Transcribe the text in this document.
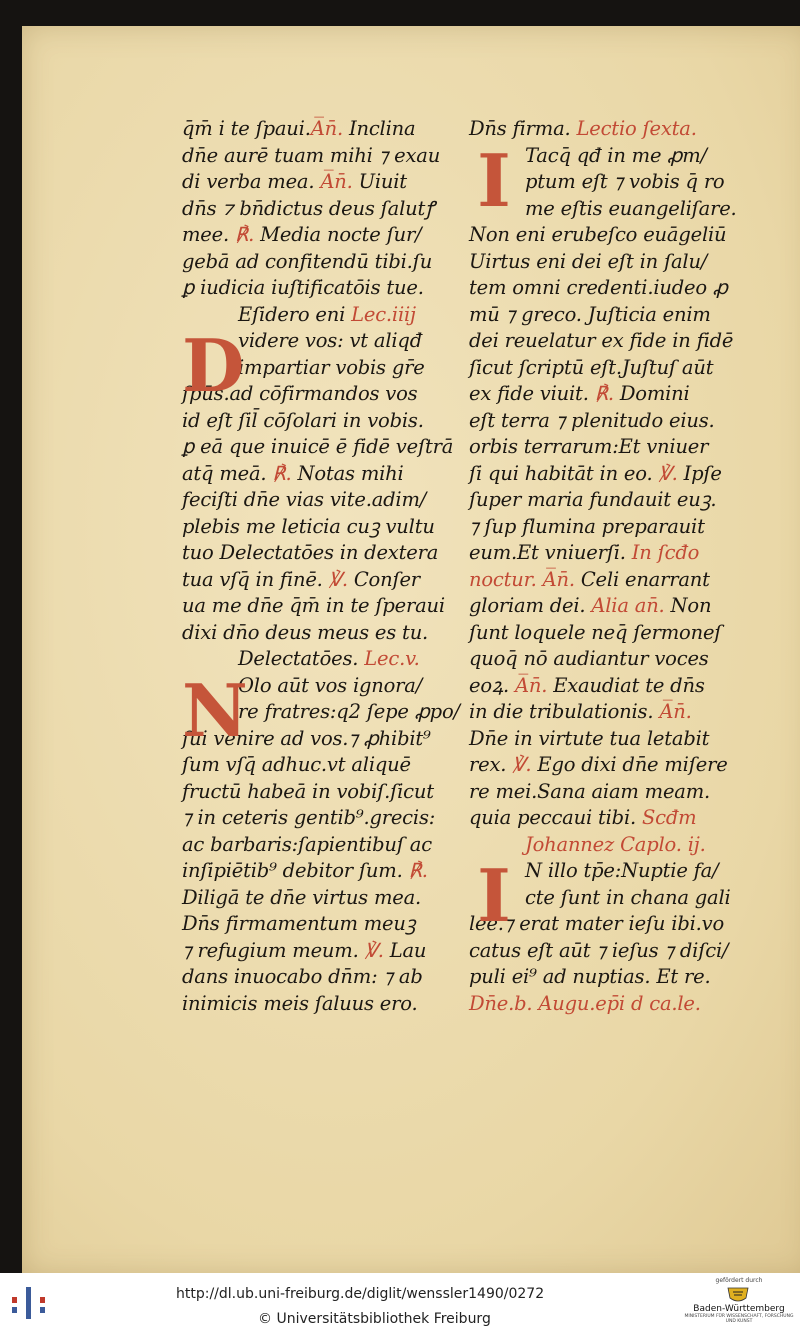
q̄m̄ i te ſpaui.A̅n̄. Inclina
dn̄e aurē tuam mihi ⁊ exau
di verba mea. A̅n̄. Uiuit
dn̄s ⁊ bn̄dictus deus ſalutꝭ
mee. ℟. Media nocte ſur/
gebā ad confitendū tibi.ſu
ꝑ iudicia iuſtificatōis tue.
Eſidero eni Lec.iiij
D
videre vos: vt aliqđ
impartiar vobis gr̄e
ſpūs.ad cōfirmandos vos
id eſt ſil̄ cōſolari in vobis.
ꝑ eā que inuicē ē fidē veſtrā
atq̄ meā. ℟. Notas mihi
feciſti dn̄e vias vite.adim/
plebis me leticia cuꝫ vultu
tuo Delectatōes in dextera
tua vſq̄ in finē. ℣. Conſer
ua me dn̄e q̄m̄ in te ſperaui
dixi dn̄o deus meus es tu.
Delectatōes. Lec.v.
N
Olo aūt vos ignora/
re fratres:q2 ſepe ꝓpo/
ſui venire ad vos.⁊ ꝓhibit⁹
ſum vſq̄ adhuc.vt aliquē
fructū habeā in vobiſ.ſicut
⁊ in ceteris gentib⁹.grecis:
ac barbaris:ſapientibuſ ac
inſipiētib⁹ debitor ſum. ℟.
Diligā te dn̄e virtus mea.
Dn̄s firmamentum meuꝫ
⁊ refugium meum. ℣. Lau
dans inuocabo dn̄m: ⁊ ab
inimicis meis ſaluus ero.
Dn̄s firma. Lectio ſexta.
I Tacq̄ qđ in me ꝓm/
ptum eſt ⁊ vobis q̄ ro
me eſtis euangeliſare.
Non eni erubeſco euāgeliū
Uirtus eni dei eſt in ſalu/
tem omni credenti.iudeo ꝓ
mū ⁊ greco. Juſticia enim
dei reuelatur ex fide in fidē
ſicut ſcriptū eſt.Juſtuſ aūt
ex fide viuit. ℟. Domini
eſt terra ⁊ plenitudo eius.
orbis terrarum:Et vniuer
ſi qui habitāt in eo. ℣. Ipſe
ſuper maria fundauit euꝫ.
⁊ ſup flumina preparauit
eum.Et vniuerſi. In ſcđo
noctur. A̅n̄. Celi enarrant
gloriam dei. Alia an̄. Non
ſunt loquele neq̄ ſermoneſ
quoq̄ nō audiantur voces
eoꝝ. A̅n̄. Exaudiat te dn̄s
in die tribulationis. A̅n̄.
Dn̄e in virtute tua letabit
rex. ℣. Ego dixi dn̄e miſere
re mei.Sana aiam meam.
quia peccaui tibi. Scđm
Johannez Caplo. ij.
I N illo tp̄e:Nuptie fa/
cte ſunt in chana gali
lee.⁊ erat mater ieſu ibi.vo
catus eſt aūt ⁊ ieſus ⁊ diſci/
puli ei⁹ ad nuptias. Et re.
Dn̄e.b. Augu.ep̄i d ca.le.
http://dl.ub.uni-freiburg.de/diglit/wenssler1490/0272
© Universitätsbibliothek Freiburg
gefördert durch
Baden-Württemberg
MINISTERIUM FÜR WISSENSCHAFT, FORSCHUNG UND KUNST
